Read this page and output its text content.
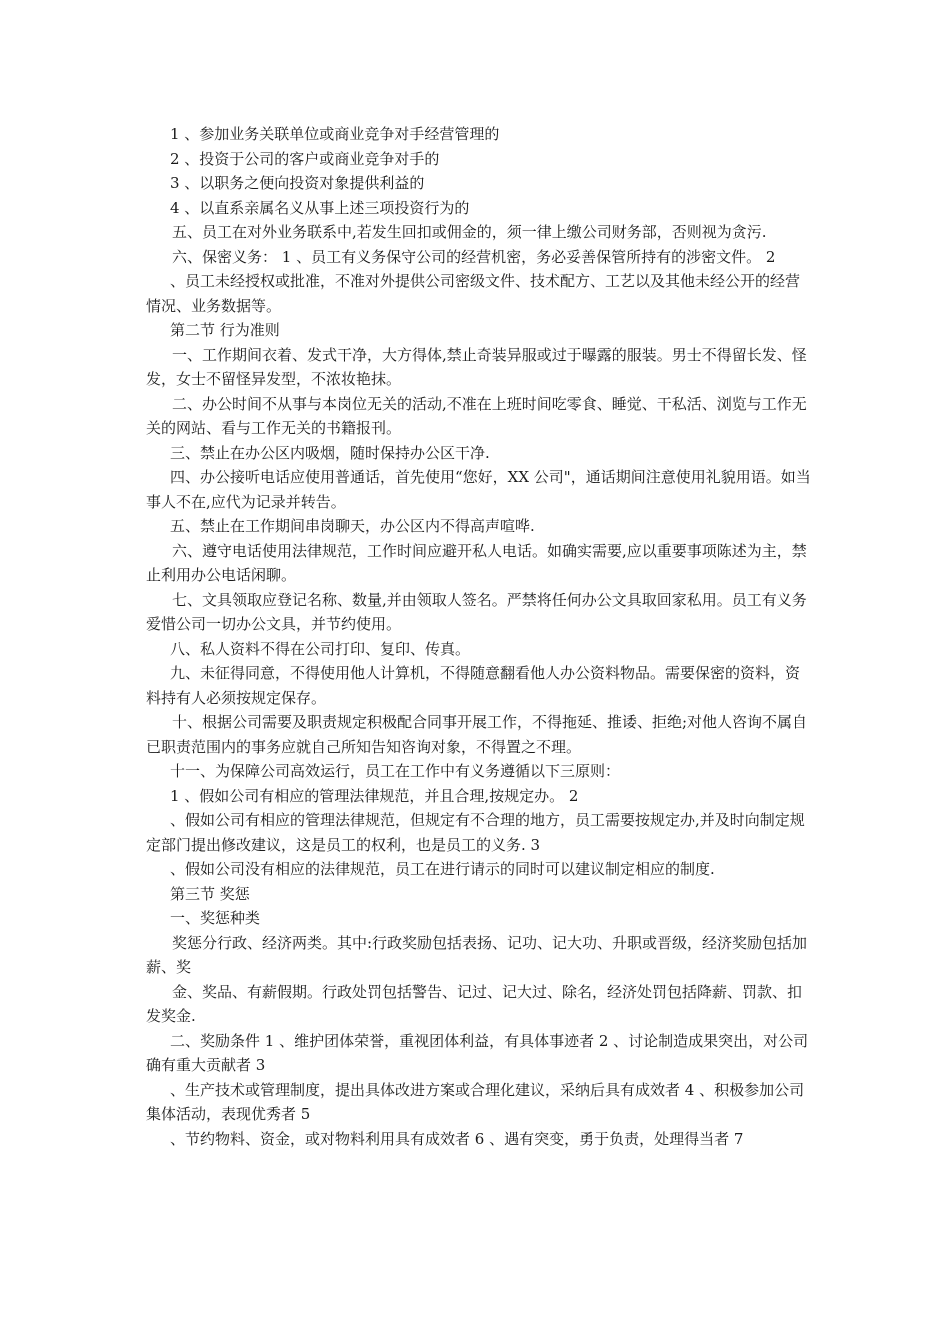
1 、参加业务关联单位或商业竞争对手经营管理的

2 、投资于公司的客户或商业竞争对手的

3 、以职务之便向投资对象提供利益的

4 、以直系亲属名义从事上述三项投资行为的

五、员工在对外业务联系中,若发生回扣或佣金的，须一律上缴公司财务部，否则视为贪污.

六、保密义务： 1 、员工有义务保守公司的经营机密，务必妥善保管所持有的涉密文件。 2

、员工未经授权或批准，不准对外提供公司密级文件、技术配方、工艺以及其他未经公开的经营情况、业务数据等。

第二节 行为准则

一、工作期间衣着、发式干净，大方得体,禁止奇装异服或过于曝露的服装。男士不得留长发、怪发，女士不留怪异发型，不浓妆艳抹。

二、办公时间不从事与本岗位无关的活动,不准在上班时间吃零食、睡觉、干私活、浏览与工作无关的网站、看与工作无关的书籍报刊。

三、禁止在办公区内吸烟，随时保持办公区干净.

四、办公接听电话应使用普通话，首先使用“您好，XX 公司"，通话期间注意使用礼貌用语。如当事人不在,应代为记录并转告。

五、禁止在工作期间串岗聊天，办公区内不得高声喧哗.

六、遵守电话使用法律规范，工作时间应避开私人电话。如确实需要,应以重要事项陈述为主，禁止利用办公电话闲聊。

七、文具领取应登记名称、数量,并由领取人签名。严禁将任何办公文具取回家私用。员工有义务爱惜公司一切办公文具，并节约使用。

八、私人资料不得在公司打印、复印、传真。

九、未征得同意，不得使用他人计算机，不得随意翻看他人办公资料物品。需要保密的资料，资料持有人必须按规定保存。

十、根据公司需要及职责规定积极配合同事开展工作，不得拖延、推诿、拒绝;对他人咨询不属自已职责范围内的事务应就自己所知告知咨询对象，不得置之不理。

十一、为保障公司高效运行，员工在工作中有义务遵循以下三原则：

1 、假如公司有相应的管理法律规范，并且合理,按规定办。 2

、假如公司有相应的管理法律规范，但规定有不合理的地方，员工需要按规定办,并及时向制定规定部门提出修改建议，这是员工的权利，也是员工的义务. 3

、假如公司没有相应的法律规范，员工在进行请示的同时可以建议制定相应的制度.

第三节 奖惩

一、奖惩种类

奖惩分行政、经济两类。其中:行政奖励包括表扬、记功、记大功、升职或晋级，经济奖励包括加薪、奖

金、奖品、有薪假期。行政处罚包括警告、记过、记大过、除名，经济处罚包括降薪、罚款、扣发奖金.

二、奖励条件 1 、维护团体荣誉，重视团体利益，有具体事迹者 2 、讨论制造成果突出，对公司确有重大贡献者 3

、生产技术或管理制度，提出具体改进方案或合理化建议，采纳后具有成效者 4 、积极参加公司集体活动，表现优秀者 5

、节约物料、资金，或对物料利用具有成效者 6 、遇有突变，勇于负责，处理得当者 7
